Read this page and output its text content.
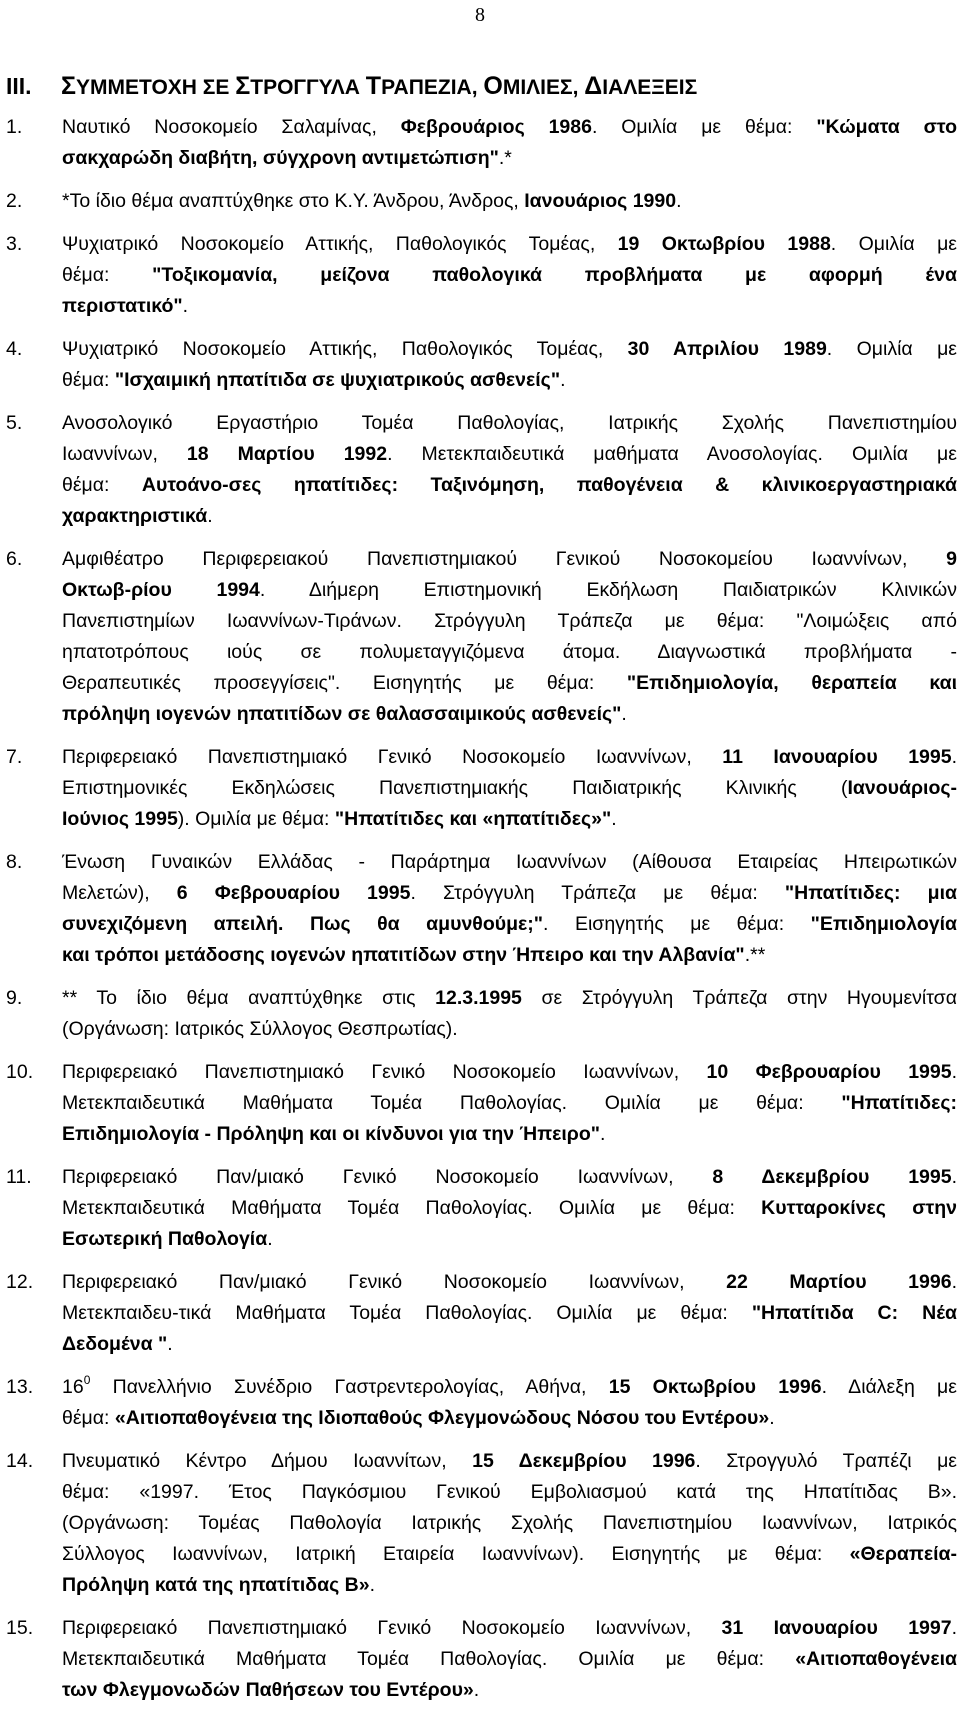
8
III. ΣΥΜΜΕΤΟΧΗ ΣΕ ΣΤΡΟΓΓΥΛΑ ΤΡΑΠΕΖΙΑ, ΟΜΙΛΙΕΣ, ΔΙΑΛΕΞΕΙΣ
1. Ναυτικό Νοσοκομείο Σαλαμίνας, Φεβρουάριος 1986. Ομιλία με θέμα: "Κώματα στο
σακχαρώδη διαβήτη, σύγχρονη αντιμετώπιση".*
2. *Το ίδιο θέμα αναπτύχθηκε στο Κ.Υ. Άνδρου, Άνδρος, Ιανουάριος 1990.
3. Ψυχιατρικό Νοσοκομείο Αττικής, Παθολογικός Τομέας, 19 Οκτωβρίου 1988. Ομιλία με
θέμα: "Τοξικομανία, μείζονα παθολογικά προβλήματα με αφορμή ένα
περιστατικό".
4. Ψυχιατρικό Νοσοκομείο Αττικής, Παθολογικός Τομέας, 30 Απριλίου 1989. Ομιλία με
θέμα: "Ισχαιμική ηπατίτιδα σε ψυχιατρικούς ασθενείς".
5. Ανοσολογικό Εργαστήριο Τομέα Παθολογίας, Ιατρικής Σχολής Πανεπιστημίου
Ιωαννίνων, 18 Μαρτίου 1992. Μετεκπαιδευτικά μαθήματα Ανοσολογίας. Ομιλία με
θέμα: Αυτοάνο-σες ηπατίτιδες: Ταξινόμηση, παθογένεια & κλινικοεργαστηριακά
χαρακτηριστικά.
6. Αμφιθέατρο Περιφερειακού Πανεπιστημιακού Γενικού Νοσοκομείου Ιωαννίνων, 9
Οκτωβ-ρίου 1994. Διήμερη Επιστημονική Εκδήλωση Παιδιατρικών Κλινικών
Πανεπιστημίων Ιωαννίνων-Τιράνων. Στρόγγυλη Τράπεζα με θέμα: "Λοιμώξεις από
ηπατοτρόπους ιούς σε πολυμεταγγιζόμενα άτομα. Διαγνωστικά προβλήματα -
Θεραπευτικές προσεγγίσεις". Εισηγητής με θέμα: "Επιδημιολογία, θεραπεία και
πρόληψη ιογενών ηπατιτίδων σε θαλασσαιμικούς ασθενείς".
7. Περιφερειακό Πανεπιστημιακό Γενικό Νοσοκομείο Ιωαννίνων, 11 Ιανουαρίου 1995.
Επιστημονικές Εκδηλώσεις Πανεπιστημιακής Παιδιατρικής Κλινικής (Ιανουάριος-
Ιούνιος 1995). Ομιλία με θέμα: "Ηπατίτιδες και «ηπατίτιδες»".
8. Ένωση Γυναικών Ελλάδας - Παράρτημα Ιωαννίνων (Αίθουσα Εταιρείας Ηπειρωτικών
Μελετών), 6 Φεβρουαρίου 1995. Στρόγγυλη Τράπεζα με θέμα: "Ηπατίτιδες: μια
συνεχιζόμενη απειλή. Πως θα αμυνθούμε;". Εισηγητής με θέμα: "Επιδημιολογία
και τρόποι μετάδοσης ιογενών ηπατιτίδων στην Ήπειρο και την Αλβανία".**
9. ** Το ίδιο θέμα αναπτύχθηκε στις 12.3.1995 σε Στρόγγυλη Τράπεζα στην Ηγουμενίτσα
(Οργάνωση: Ιατρικός Σύλλογος Θεσπρωτίας).
10. Περιφερειακό Πανεπιστημιακό Γενικό Νοσοκομείο Ιωαννίνων, 10 Φεβρουαρίου 1995.
Μετεκπαιδευτικά Μαθήματα Τομέα Παθολογίας. Ομιλία με θέμα: "Ηπατίτιδες:
Επιδημιολογία - Πρόληψη και οι κίνδυνοι για την Ήπειρο".
11. Περιφερειακό Παν/μιακό Γενικό Νοσοκομείο Ιωαννίνων, 8 Δεκεμβρίου 1995.
Μετεκπαιδευτικά Μαθήματα Τομέα Παθολογίας. Ομιλία με θέμα: Κυτταροκίνες στην
Εσωτερική Παθολογία.
12. Περιφερειακό Παν/μιακό Γενικό Νοσοκομείο Ιωαννίνων, 22 Μαρτίου 1996.
Μετεκπαιδευ-τικά Μαθήματα Τομέα Παθολογίας. Ομιλία με θέμα: "Ηπατίτιδα C: Νέα
Δεδομένα ".
13. $16^0$ Πανελλήνιο Συνέδριο Γαστρεντερολογίας, Αθήνα, 15 Οκτωβρίου 1996. Διάλεξη με
θέμα: «Αιτιοπαθογένεια της Ιδιοπαθούς Φλεγμονώδους Νόσου του Εντέρου».
14. Πνευματικό Κέντρο Δήμου Ιωαννίτων, 15 Δεκεμβρίου 1996. Στρογγυλό Τραπέζι με
θέμα: «1997. Έτος Παγκόσμιου Γενικού Εμβολιασμού κατά της Ηπατίτιδας Β».
(Οργάνωση: Τομέας Παθολογία Ιατρικής Σχολής Πανεπιστημίου Ιωαννίνων, Ιατρικός
Σύλλογος Ιωαννίνων, Ιατρική Εταιρεία Ιωαννίνων). Εισηγητής με θέμα: «Θεραπεία-
Πρόληψη κατά της ηπατίτιδας Β».
15. Περιφερειακό Πανεπιστημιακό Γενικό Νοσοκομείο Ιωαννίνων, 31 Ιανουαρίου 1997.
Μετεκπαιδευτικά Μαθήματα Τομέα Παθολογίας. Ομιλία με θέμα: «Αιτιοπαθογένεια
των Φλεγμονωδών Παθήσεων του Εντέρου».
